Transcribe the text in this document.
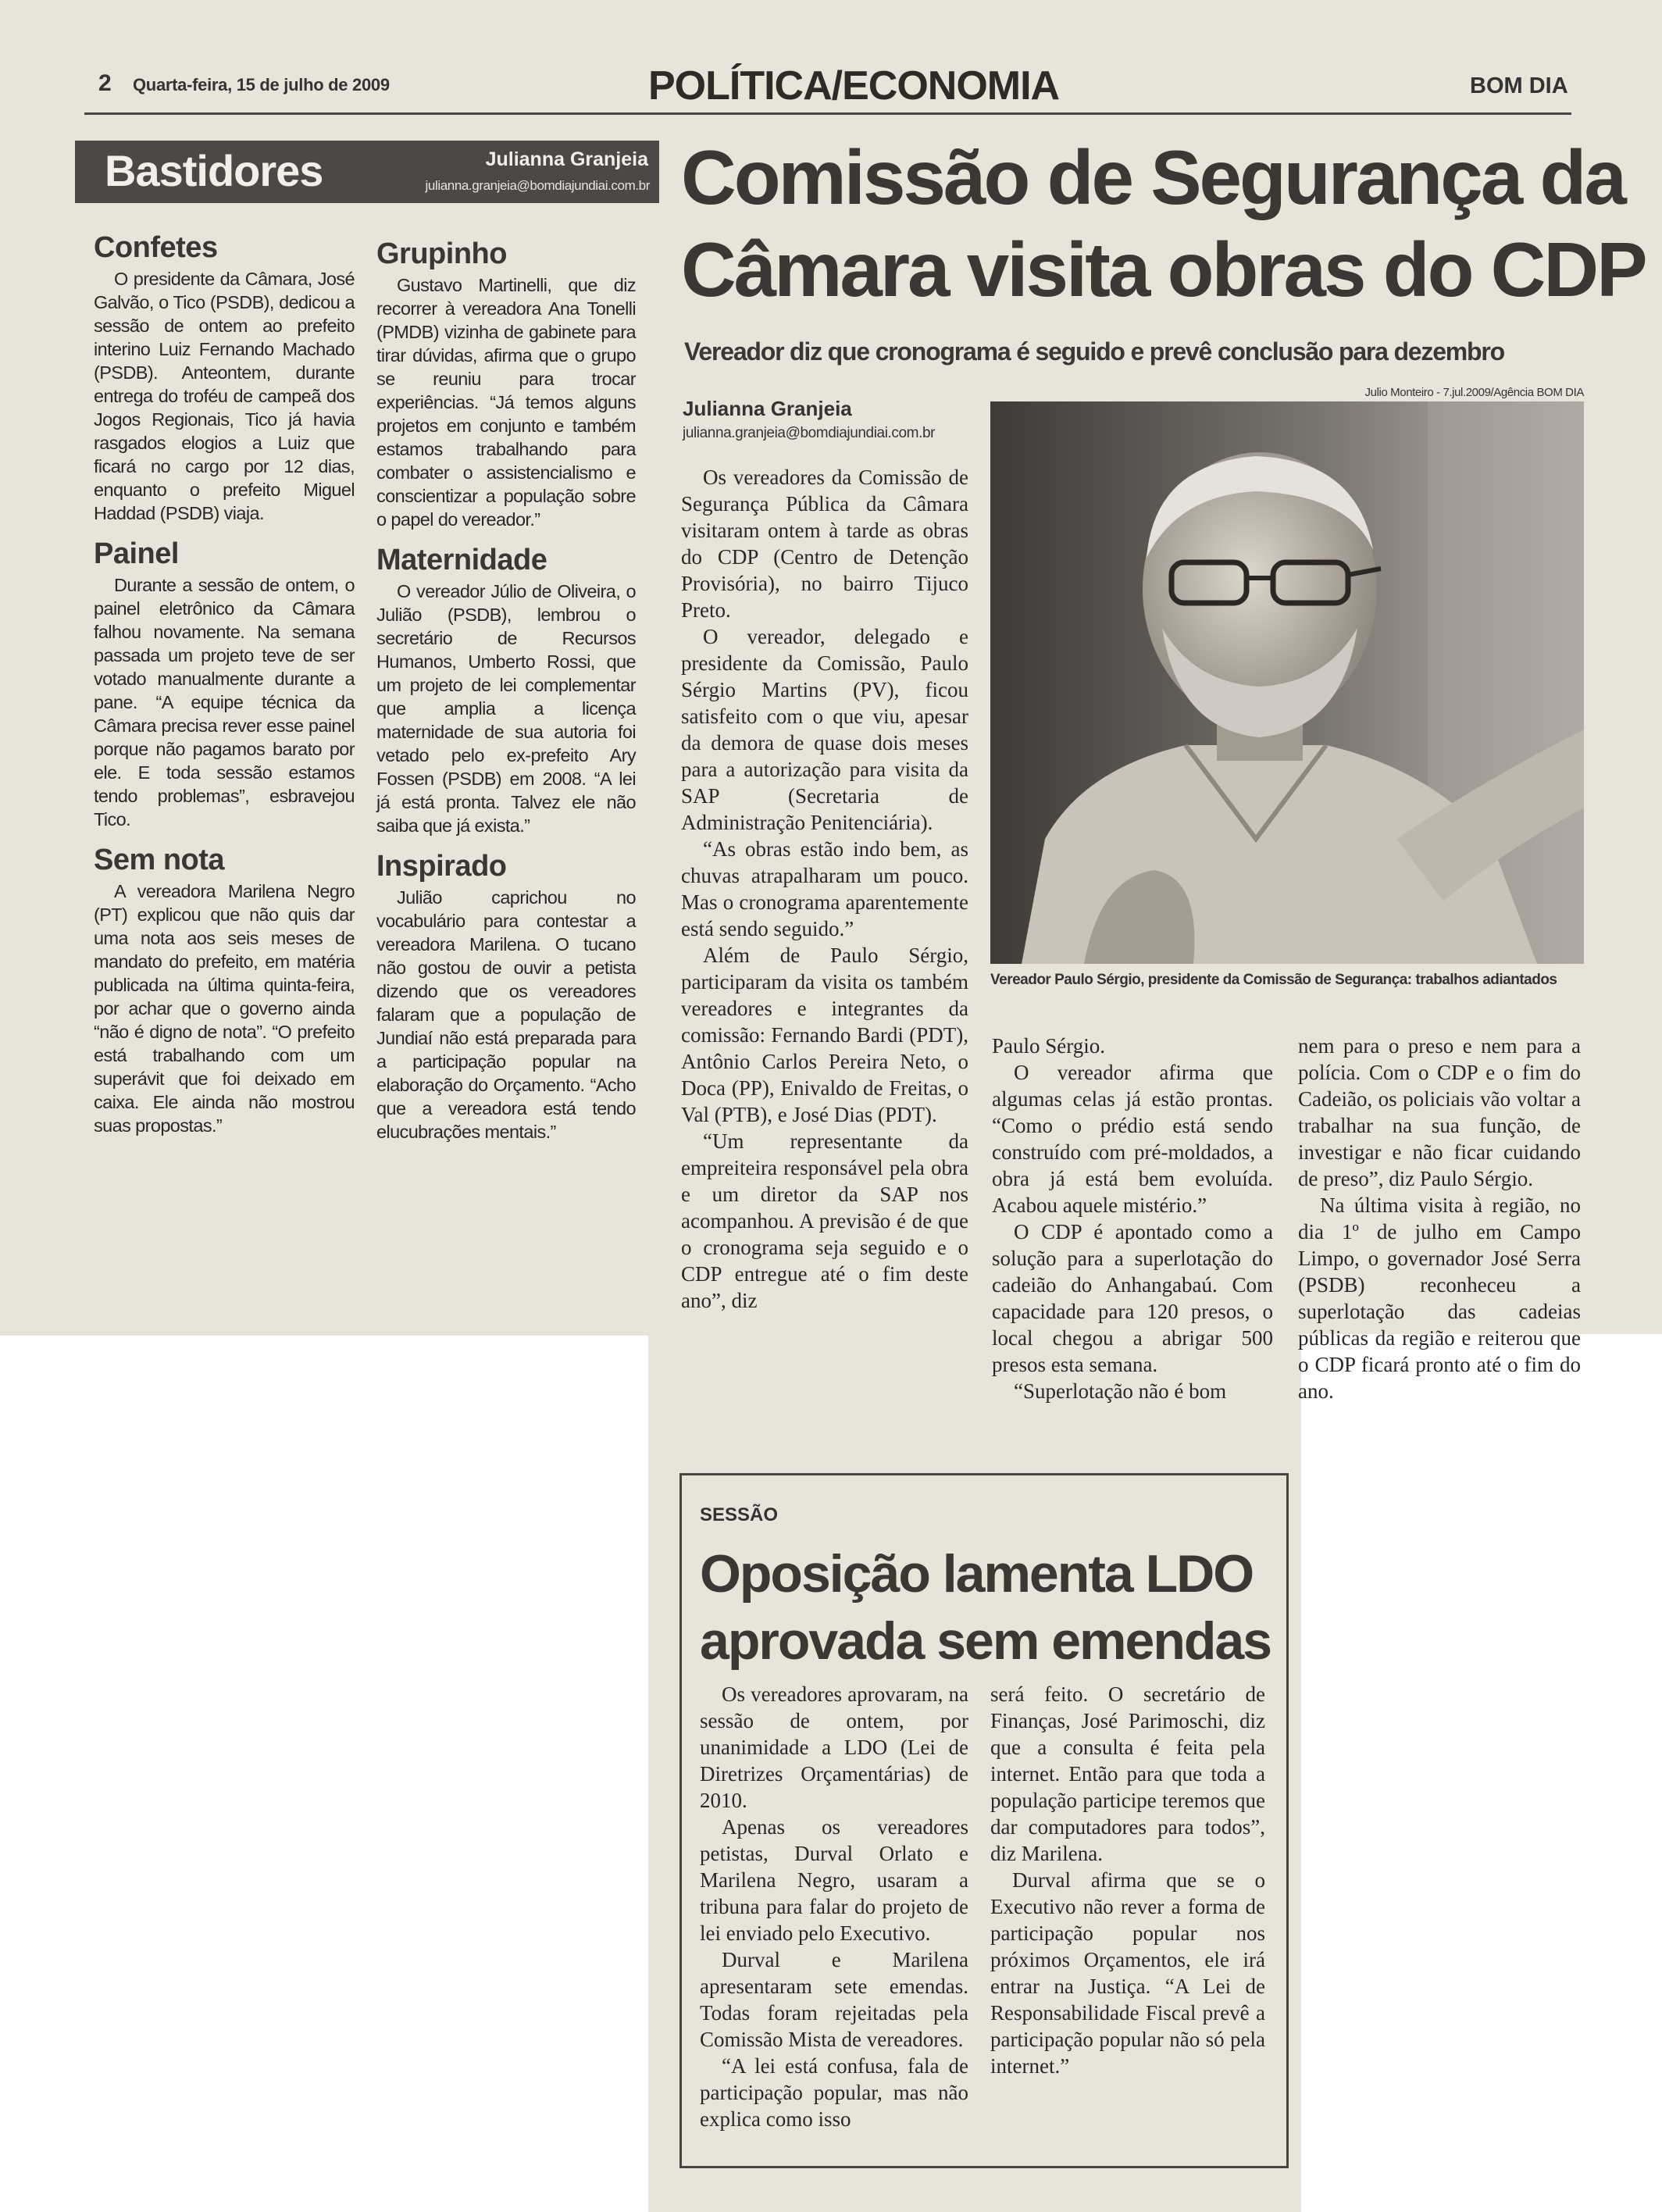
2 Quarta-feira, 15 de julho de 2009	POLÍTICA/ECONOMIA	BOM DIA
Bastidores	Julianna Granjeia
julianna.granjeia@bomdiajundiai.com.br
Confetes

O presidente da Câmara, José Galvão, o Tico (PSDB), dedicou a sessão de ontem ao prefeito interino Luiz Fernando Machado (PSDB). Anteontem, durante entrega do troféu de campeã dos Jogos Regionais, Tico já havia rasgados elogios a Luiz que ficará no cargo por 12 dias, enquanto o prefeito Miguel Haddad (PSDB) viaja.

Painel

Durante a sessão de ontem, o painel eletrônico da Câmara falhou novamente. Na semana passada um projeto teve de ser votado manualmente durante a pane. “A equipe técnica da Câmara precisa rever esse painel porque não pagamos barato por ele. E toda sessão estamos tendo problemas”, esbravejou Tico.

Sem nota

A vereadora Marilena Negro (PT) explicou que não quis dar uma nota aos seis meses de mandato do prefeito, em matéria publicada na última quinta-feira, por achar que o governo ainda “não é digno de nota”. “O prefeito está trabalhando com um superávit que foi deixado em caixa. Ele ainda não mostrou suas propostas.”

Grupinho

Gustavo Martinelli, que diz recorrer à vereadora Ana Tonelli (PMDB) vizinha de gabinete para tirar dúvidas, afirma que o grupo se reuniu para trocar experiências. “Já temos alguns projetos em conjunto e também estamos trabalhando para combater o assistencialismo e conscientizar a população sobre o papel do vereador.”

Maternidade

O vereador Júlio de Oliveira, o Julião (PSDB), lembrou o secretário de Recursos Humanos, Umberto Rossi, que um projeto de lei complementar que amplia a licença maternidade de sua autoria foi vetado pelo ex-prefeito Ary Fossen (PSDB) em 2008. “A lei já está pronta. Talvez ele não saiba que já exista.”

Inspirado

Julião caprichou no vocabulário para contestar a vereadora Marilena. O tucano não gostou de ouvir a petista dizendo que os vereadores falaram que a população de Jundiaí não está preparada para a participação popular na elaboração do Orçamento. “Acho que a vereadora está tendo elucubrações mentais.”

Comissão de Segurança da
Câmara visita obras do CDP
Vereador diz que cronograma é seguido e prevê conclusão para dezembro
Julianna Granjeia
julianna.granjeia@bomdiajundiai.com.br
Julio Monteiro - 7.jul.2009/Agência BOM DIA
Vereador Paulo Sérgio, presidente da Comissão de Segurança: trabalhos adiantados

Os vereadores da Comissão de Segurança Pública da Câmara visitaram ontem à tarde as obras do CDP (Centro de Detenção Provisória), no bairro Tijuco Preto.

O vereador, delegado e presidente da Comissão, Paulo Sérgio Martins (PV), ficou satisfeito com o que viu, apesar da demora de quase dois meses para a autorização para visita da SAP (Secretaria de Administração Penitenciária).

“As obras estão indo bem, as chuvas atrapalharam um pouco. Mas o cronograma aparentemente está sendo seguido.”

Além de Paulo Sérgio, participaram da visita os também vereadores e integrantes da comissão: Fernando Bardi (PDT), Antônio Carlos Pereira Neto, o Doca (PP), Enivaldo de Freitas, o Val (PTB), e José Dias (PDT).

“Um representante da empreiteira responsável pela obra e um diretor da SAP nos acompanhou. A previsão é de que o cronograma seja seguido e o CDP entregue até o fim deste ano”, diz

Paulo Sérgio.

O vereador afirma que algumas celas já estão prontas. “Como o prédio está sendo construído com pré-moldados, a obra já está bem evoluída. Acabou aquele mistério.”

O CDP é apontado como a solução para a superlotação do cadeião do Anhangabaú. Com capacidade para 120 presos, o local chegou a abrigar 500 presos esta semana.

“Superlotação não é bom

nem para o preso e nem para a polícia. Com o CDP e o fim do Cadeião, os policiais vão voltar a trabalhar na sua função, de investigar e não ficar cuidando de preso”, diz Paulo Sérgio.

Na última visita à região, no dia 1º de julho em Campo Limpo, o governador José Serra (PSDB) reconheceu a superlotação das cadeias públicas da região e reiterou que o CDP ficará pronto até o fim do ano.

SESSÃO
Oposição lamenta LDO
aprovada sem emendas

Os vereadores aprovaram, na sessão de ontem, por unanimidade a LDO (Lei de Diretrizes Orçamentárias) de 2010.

Apenas os vereadores petistas, Durval Orlato e Marilena Negro, usaram a tribuna para falar do projeto de lei enviado pelo Executivo.

Durval e Marilena apresentaram sete emendas. Todas foram rejeitadas pela Comissão Mista de vereadores.

“A lei está confusa, fala de participação popular, mas não explica como isso

será feito. O secretário de Finanças, José Parimoschi, diz que a consulta é feita pela internet. Então para que toda a população participe teremos que dar computadores para todos”, diz Marilena.

Durval afirma que se o Executivo não rever a forma de participação popular nos próximos Orçamentos, ele irá entrar na Justiça. “A Lei de Responsabilidade Fiscal prevê a participação popular não só pela internet.”
